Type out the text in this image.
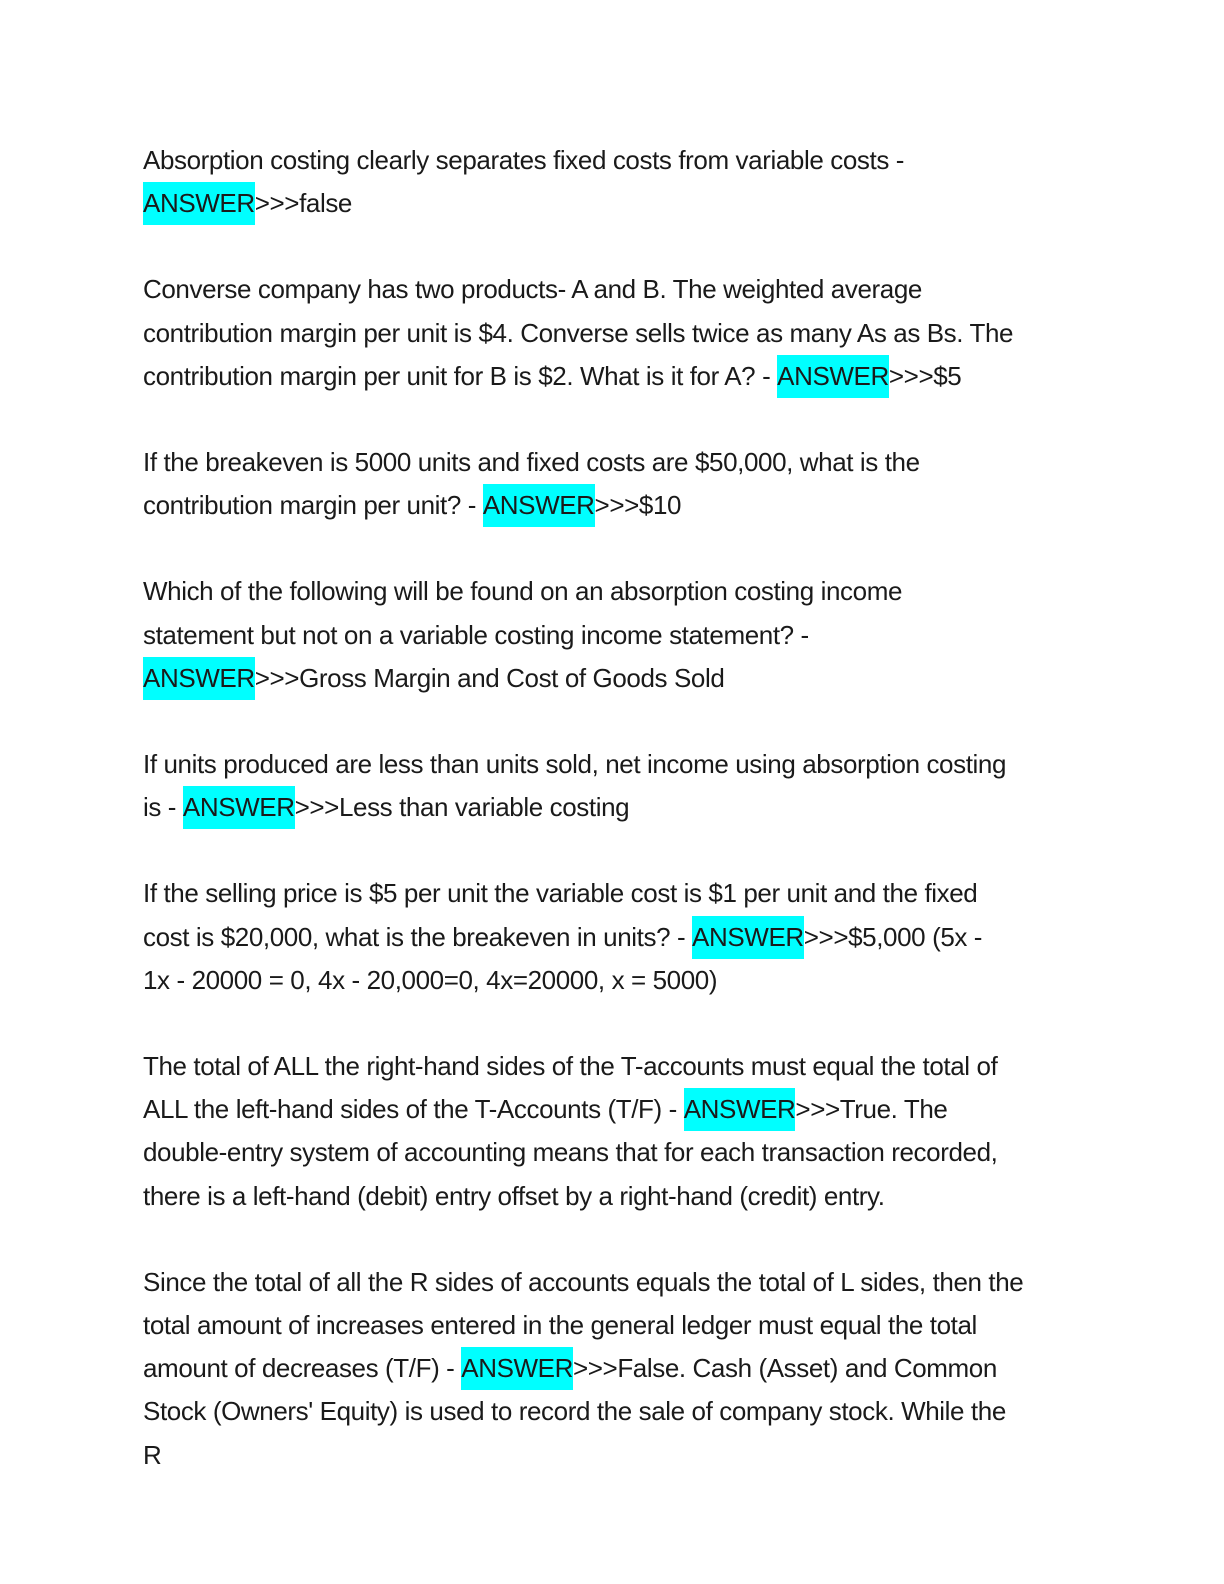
Absorption costing clearly separates fixed costs from variable costs -
ANSWER>>>false
Converse company has two products- A and B. The weighted average
contribution margin per unit is $4. Converse sells twice as many As as Bs. The
contribution margin per unit for B is $2. What is it for A? - ANSWER>>>$5
If the breakeven is 5000 units and fixed costs are $50,000, what is the
contribution margin per unit? - ANSWER>>>$10
Which of the following will be found on an absorption costing income
statement but not on a variable costing income statement? -
ANSWER>>>Gross Margin and Cost of Goods Sold
If units produced are less than units sold, net income using absorption costing
is - ANSWER>>>Less than variable costing
If the selling price is $5 per unit the variable cost is $1 per unit and the fixed
cost is $20,000, what is the breakeven in units? - ANSWER>>>$5,000 (5x -
1x - 20000 = 0, 4x - 20,000=0, 4x=20000, x = 5000)
The total of ALL the right-hand sides of the T-accounts must equal the total of
ALL the left-hand sides of the T-Accounts (T/F) - ANSWER>>>True. The
double-entry system of accounting means that for each transaction recorded,
there is a left-hand (debit) entry offset by a right-hand (credit) entry.
Since the total of all the R sides of accounts equals the total of L sides, then the
total amount of increases entered in the general ledger must equal the total
amount of decreases (T/F) - ANSWER>>>False. Cash (Asset) and Common
Stock (Owners' Equity) is used to record the sale of company stock. While the
R
